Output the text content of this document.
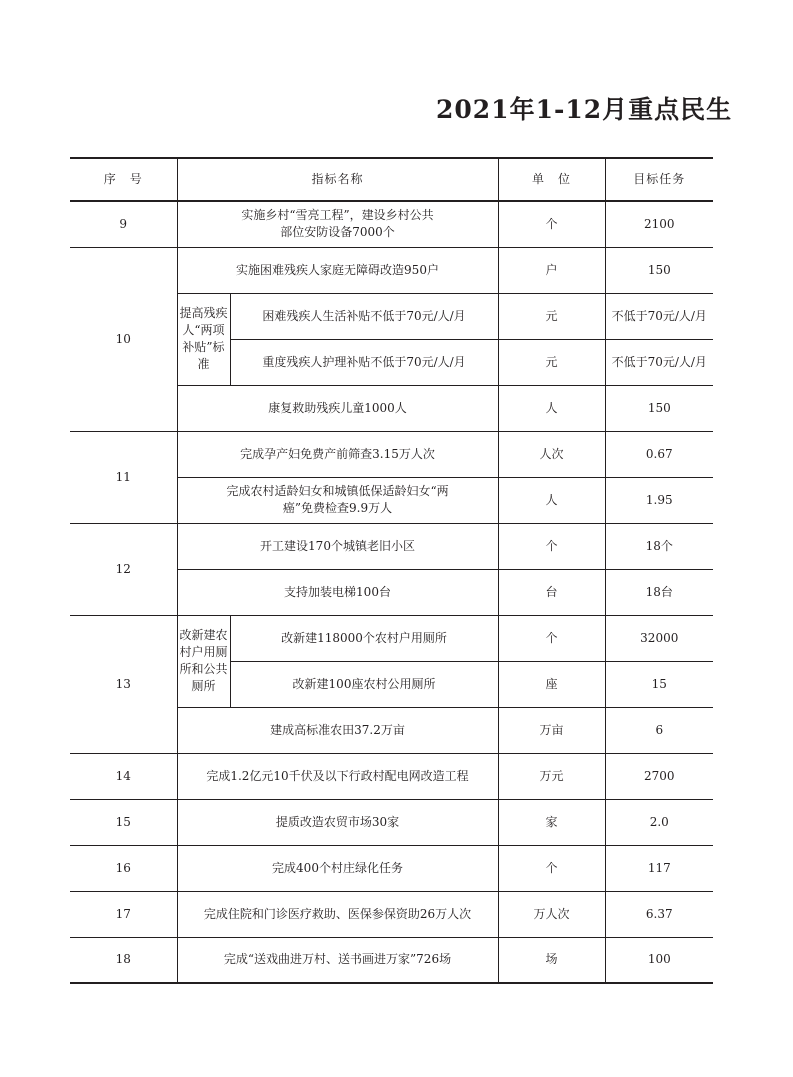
2021年1-12月重点民生
序　号	指标名称		单　位	目标任务
9	实施乡村“雪亮工程”，建设乡村公共部位安防设备7000个		个	2100
10	实施困难残疾人家庭无障碍改造950户		户	150
	提高残疾人“两项补贴”标准	困难残疾人生活补贴不低于70元/人/月	元	不低于70元/人/月
		重度残疾人护理补贴不低于70元/人/月	元	不低于70元/人/月
	康复救助残疾儿童1000人		人	150
11	完成孕产妇免费产前筛查3.15万人次		人次	0.67

	完成农村适龄妇女和城镇低保适龄妇女“两癌”免费检查9.9万人		人	1.95
12	开工建设170个城镇老旧小区		个	18个
	支持加装电梯100台		台	18台
13	改新建农村户用厕所和公共厕所	改新建118000个农村户用厕所	个	32000
		改新建100座农村公用厕所	座	15
	建成高标准农田37.2万亩		万亩	6
14	完成1.2亿元10千伏及以下行政村配电网改造工程		万元	2700
15	提质改造农贸市场30家		家	2.0
16	完成400个村庄绿化任务		个	117
17	完成住院和门诊医疗救助、医保参保资助26万人次		万人次	6.37
18	完成“送戏曲进万村、送书画进万家”726场		场	100
